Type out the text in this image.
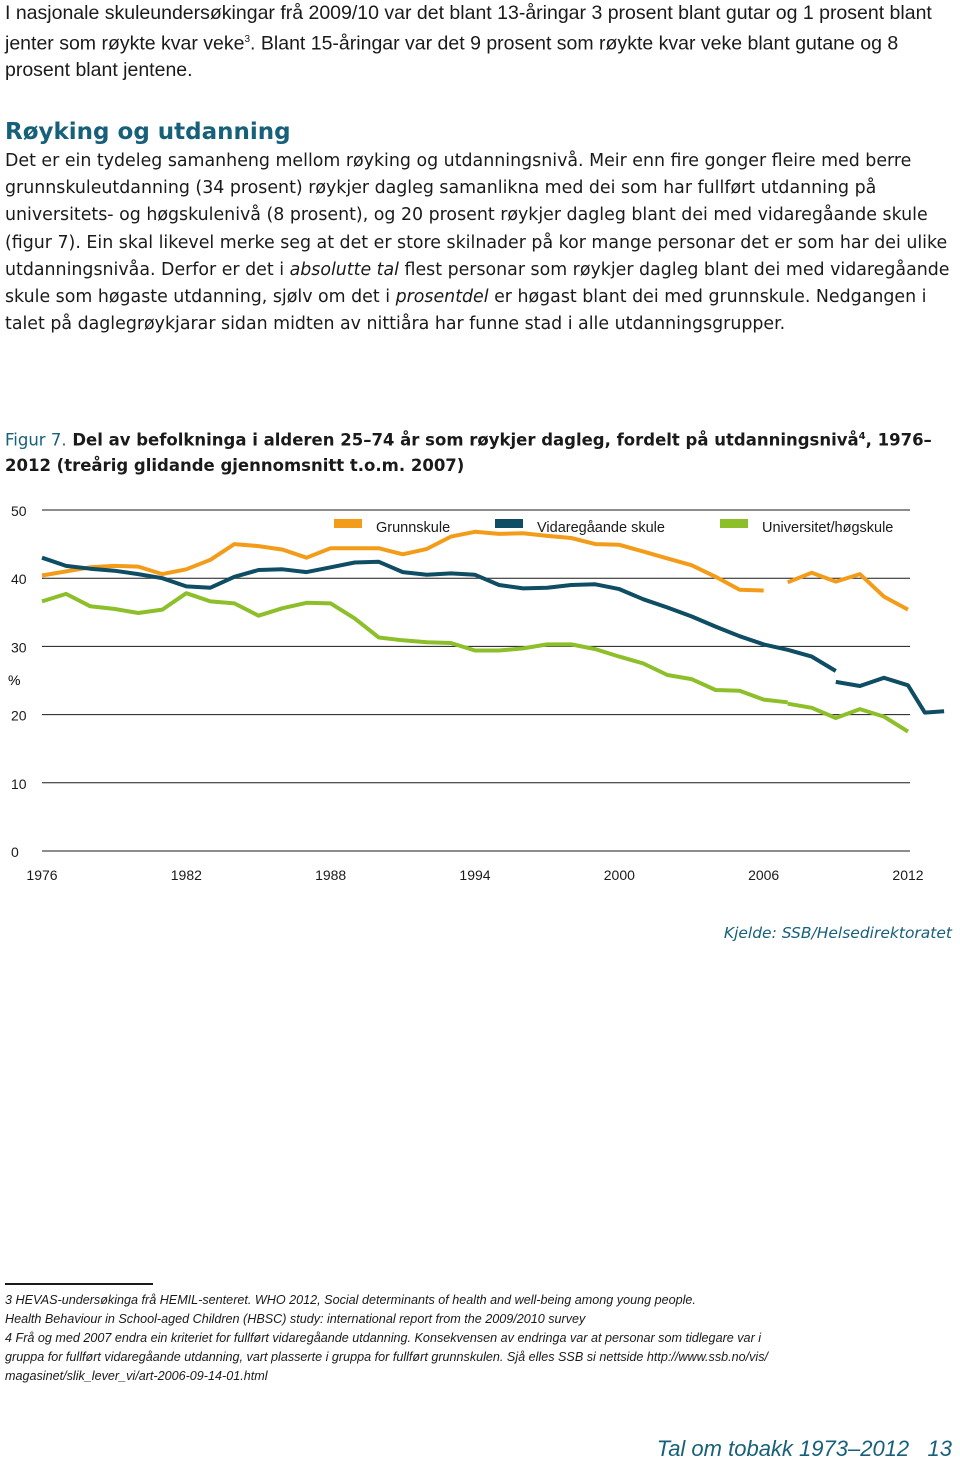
I nasjonale skuleundersøkingar frå 2009/10 var det blant 13-åringar 3 prosent blant gutar og 1 prosent blant jenter som røykte kvar veke$^3$. Blant 15-åringar var det 9 prosent som røykte kvar veke blant gutane og 8 prosent blant jentene.
Røyking og utdanning
Det er ein tydeleg samanheng mellom røyking og utdanningsnivå. Meir enn fire gonger fleire med berre grunnskuleutdanning (34 prosent) røykjer dagleg samanlikna med dei som har fullført utdanning på universitets- og høgskulenivå (8 prosent), og 20 prosent røykjer dagleg blant dei med vidaregåande skule (figur 7). Ein skal likevel merke seg at det er store skilnader på kor mange personar det er som har dei ulike utdanningsnivåa. Derfor er det i absolutte tal flest personar som røykjer dagleg blant dei med vidaregåande skule som høgaste utdanning, sjølv om det i prosentdel er høgast blant dei med grunnskule. Nedgangen i talet på daglegrøykjarar sidan midten av nittiåra har funne stad i alle utdanningsgrupper.
Figur 7. Del av befolkninga i alderen 25–74 år som røykjer dagleg, fordelt på utdanningsnivå$^4$, 1976–2012 (treårig glidande gjennomsnitt t.o.m. 2007)
0
10
20
30
40
50
%
1976	1982	1988	1994	2000	2006	2012
Grunnskule	Vidaregåande skule	Universitet/høgskule
Kjelde: SSB/Helsedirektoratet
3 HEVAS-undersøkinga frå HEMIL-senteret. WHO 2012, Social determinants of health and well-being among young people.
Health Behaviour in School-aged Children (HBSC) study: international report from the 2009/2010 survey
4 Frå og med 2007 endra ein kriteriet for fullført vidaregåande utdanning. Konsekvensen av endringa var at personar som tidlegare var i
gruppa for fullført vidaregåande utdanning, vart plasserte i gruppa for fullført grunnskulen. Sjå elles SSB si nettside http://www.ssb.no/vis/
magasinet/slik_lever_vi/art-2006-09-14-01.html
Tal om tobakk 1973–2012 13
